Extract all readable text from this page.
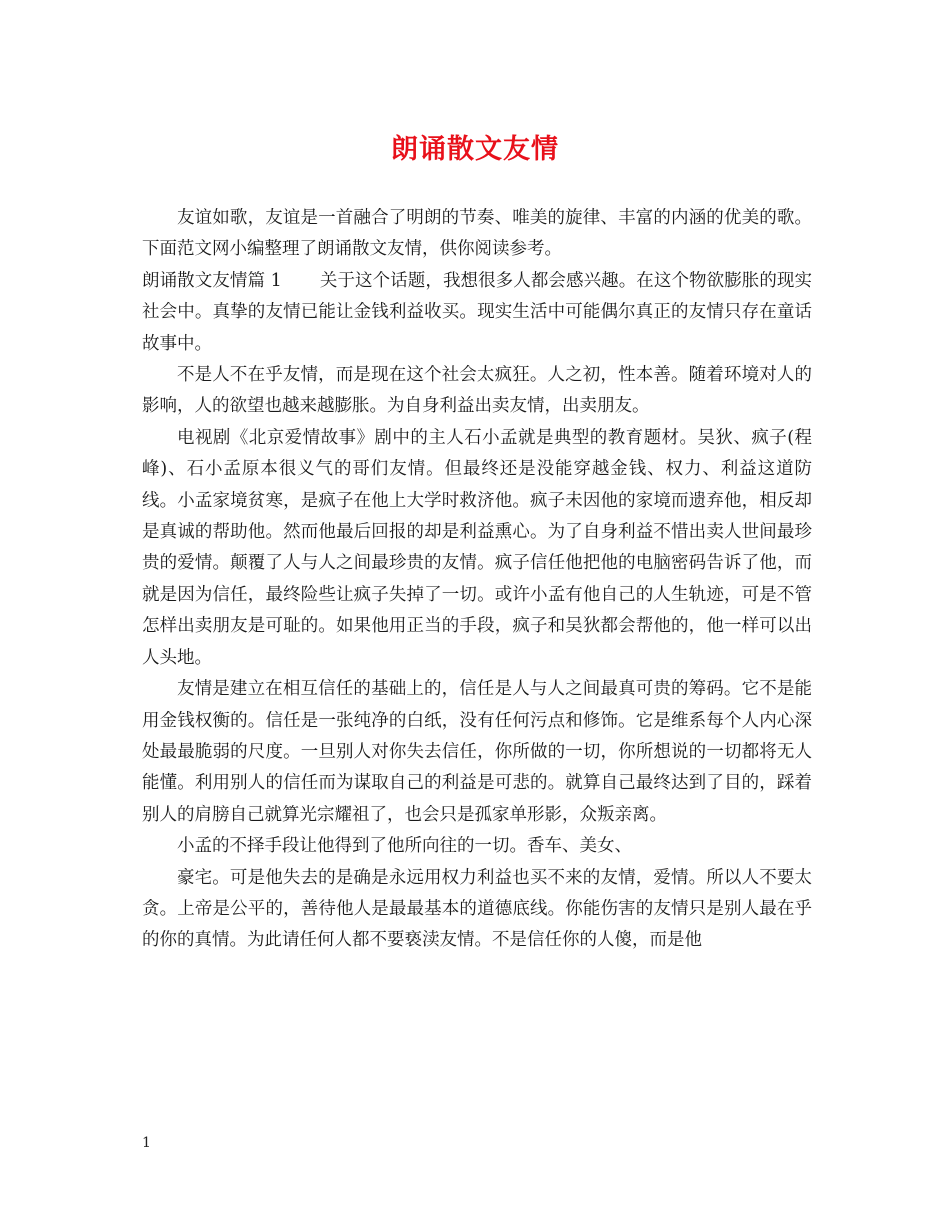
朗诵散文友情

友谊如歌，友谊是一首融合了明朗的节奏、唯美的旋律、丰富的内涵的优美的歌。下面范文网小编整理了朗诵散文友情，供你阅读参考。

朗诵散文友情篇 1 关于这个话题，我想很多人都会感兴趣。在这个物欲膨胀的现实社会中。真挚的友情已能让金钱利益收买。现实生活中可能偶尔真正的友情只存在童话故事中。

不是人不在乎友情，而是现在这个社会太疯狂。人之初，性本善。随着环境对人的影响，人的欲望也越来越膨胀。为自身利益出卖友情，出卖朋友。

电视剧《北京爱情故事》剧中的主人石小孟就是典型的教育题材。吴狄、疯子(程峰)、石小孟原本很义气的哥们友情。但最终还是没能穿越金钱、权力、利益这道防线。小孟家境贫寒，是疯子在他上大学时救济他。疯子未因他的家境而遗弃他，相反却是真诚的帮助他。然而他最后回报的却是利益熏心。为了自身利益不惜出卖人世间最珍贵的爱情。颠覆了人与人之间最珍贵的友情。疯子信任他把他的电脑密码告诉了他，而就是因为信任，最终险些让疯子失掉了一切。或许小孟有他自己的人生轨迹，可是不管怎样出卖朋友是可耻的。如果他用正当的手段，疯子和吴狄都会帮他的，他一样可以出人头地。

友情是建立在相互信任的基础上的，信任是人与人之间最真可贵的筹码。它不是能用金钱权衡的。信任是一张纯净的白纸，没有任何污点和修饰。它是维系每个人内心深处最最脆弱的尺度。一旦别人对你失去信任，你所做的一切，你所想说的一切都将无人能懂。利用别人的信任而为谋取自己的利益是可悲的。就算自己最终达到了目的，踩着别人的肩膀自己就算光宗耀祖了，也会只是孤家单形影，众叛亲离。

小孟的不择手段让他得到了他所向往的一切。香车、美女、

豪宅。可是他失去的是确是永远用权力利益也买不来的友情，爱情。所以人不要太贪。上帝是公平的，善待他人是最最基本的道德底线。你能伤害的友情只是别人最在乎的你的真情。为此请任何人都不要亵渎友情。不是信任你的人傻，而是他

1
